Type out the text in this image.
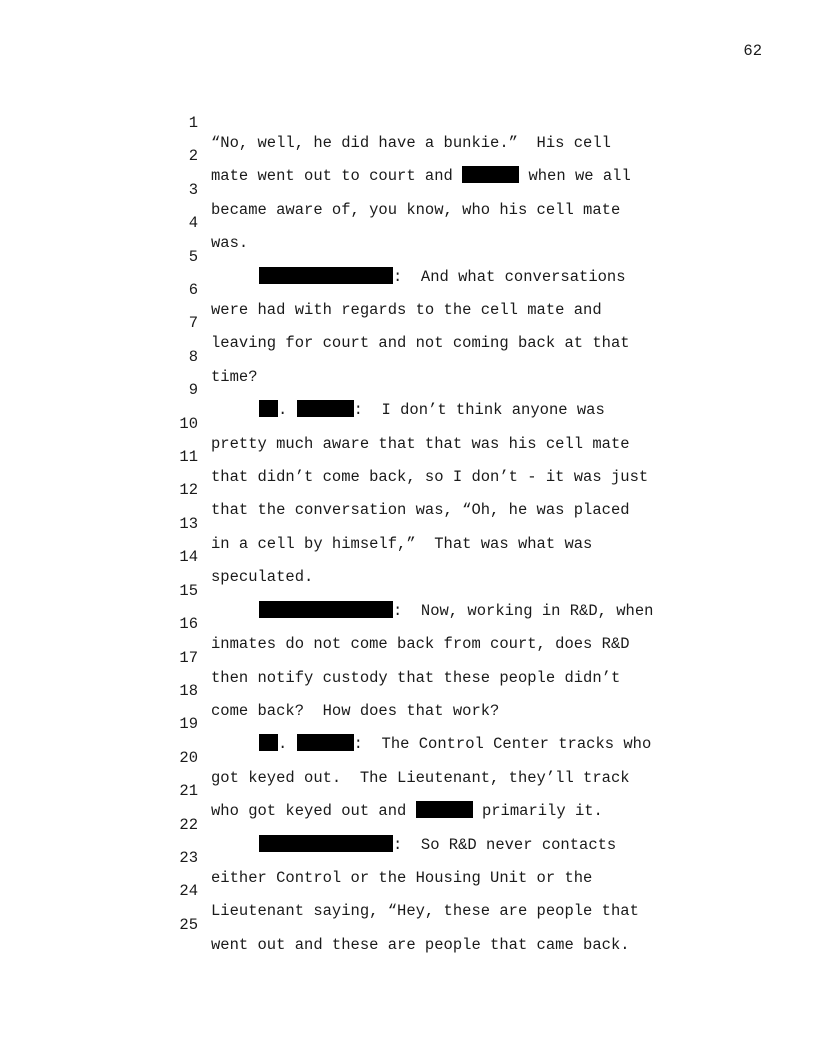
62

1

“No, well, he did have a bunkie.”  His cell

2

mate went out to court and	when we all

3

became aware of, you know, who his cell mate

4

was.

5

:  And what conversations

6

were had with regards to the cell mate and

7

leaving for court and not coming back at that

8

time?

9

.	:  I don’t think anyone was

10

pretty much aware that that was his cell mate

11

that didn’t come back, so I don’t - it was just

12

that the conversation was, “Oh, he was placed

13

in a cell by himself,”  That was what was

14

speculated.

15

:  Now, working in R&D, when

16

inmates do not come back from court, does R&D

17

then notify custody that these people didn’t

18

come back?  How does that work?

19

.	:  The Control Center tracks who

20

got keyed out.  The Lieutenant, they’ll track

21

who got keyed out and	primarily it.

22

:  So R&D never contacts

23

either Control or the Housing Unit or the

24

Lieutenant saying, “Hey, these are people that

25

went out and these are people that came back.
